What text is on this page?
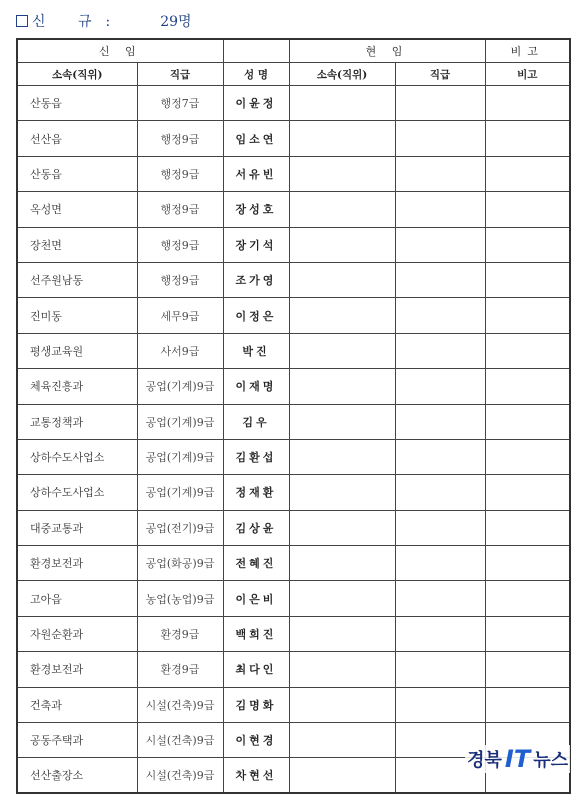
신 규:	29명
신 임			현 임		비고
소속(직위)	직급	성 명	소속(직위)	직급	비고
산동읍	행정7급	이윤정			
선산읍	행정9급	임소연			
산동읍	행정9급	서유빈			
옥성면	행정9급	장성호			
장천면	행정9급	장기석			
선주원남동	행정9급	조가영			
진미동	세무9급	이정은			
평생교육원	사서9급	박진			
체육진흥과	공업(기계)9급	이재명			
교통정책과	공업(기계)9급	김우			
상하수도사업소	공업(기계)9급	김환섭			
상하수도사업소	공업(기계)9급	정재환			
대중교통과	공업(전기)9급	김상윤			
환경보전과	공업(화공)9급	전혜진			
고아읍	농업(농업)9급	이은비			
자원순환과	환경9급	백희진			
환경보전과	환경9급	최다인			
건축과	시설(건축)9급	김명화			
공동주택과	시설(건축)9급	이현경			
선산출장소	시설(건축)9급	차현선			
경북 IT 뉴스
